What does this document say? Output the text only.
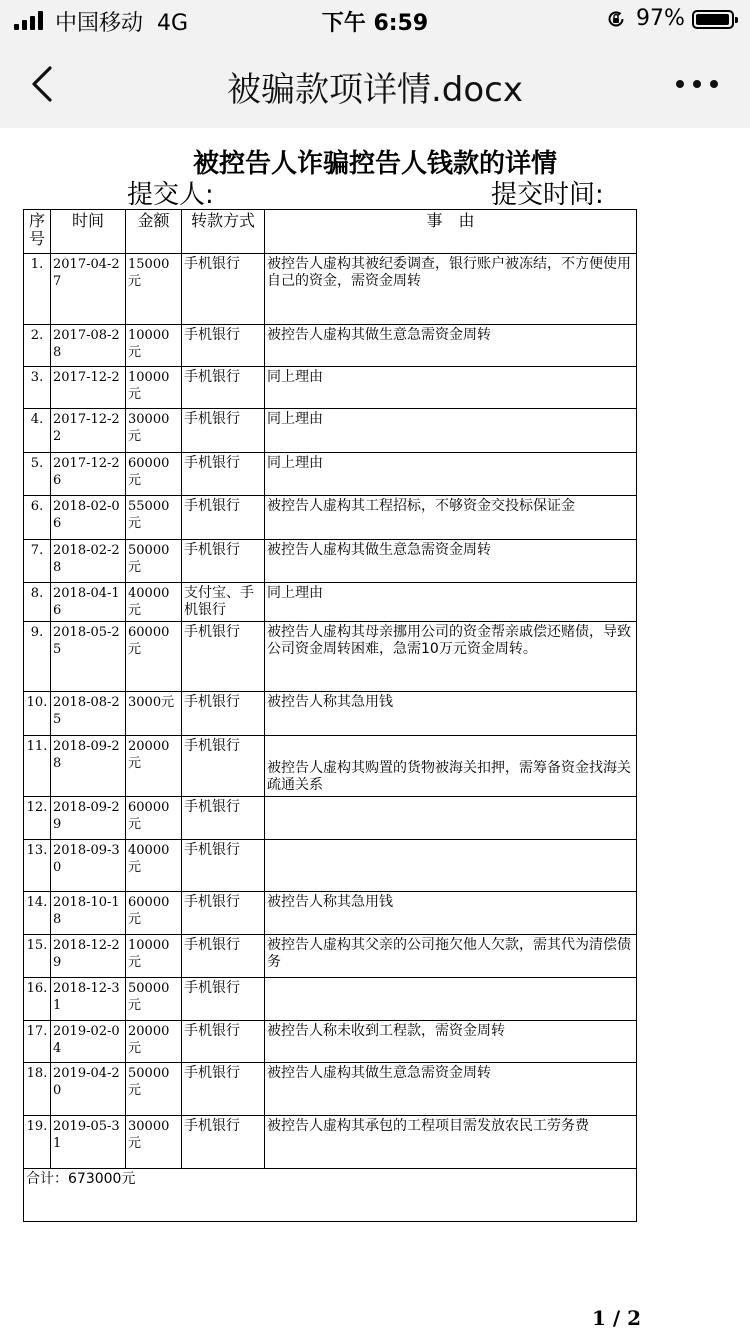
中国移动 4G	下午 6:59	97%
被骗款项详情.docx
被控告人诈骗控告人钱款的详情
提交人:	提交时间:
序号	时间	金额	转款方式	事　由
1.	2017-04-27	15000元	手机银行	被控告人虚构其被纪委调查，银行账户被冻结，不方便使用自己的资金，需资金周转
2.	2017-08-28	10000元	手机银行	被控告人虚构其做生意急需资金周转
3.	2017-12-2	10000元	手机银行	同上理由
4.	2017-12-22	30000元	手机银行	同上理由
5.	2017-12-26	60000元	手机银行	同上理由
6.	2018-02-06	55000元	手机银行	被控告人虚构其工程招标，不够资金交投标保证金
7.	2018-02-28	50000元	手机银行	被控告人虚构其做生意急需资金周转
8.	2018-04-16	40000元	支付宝、手机银行	同上理由
9.	2018-05-25	60000元	手机银行	被控告人虚构其母亲挪用公司的资金帮亲戚偿还赌债，导致公司资金周转困难，急需10万元资金周转。
10.	2018-08-25	3000元	手机银行	被控告人称其急用钱
11.	2018-09-28	20000元	手机银行	被控告人虚构其购置的货物被海关扣押，需筹备资金找海关疏通关系
12.	2018-09-29	60000元	手机银行	
13.	2018-09-30	40000元	手机银行	
14.	2018-10-18	60000元	手机银行	被控告人称其急用钱
15.	2018-12-29	10000元	手机银行	被控告人虚构其父亲的公司拖欠他人欠款，需其代为清偿债务
16.	2018-12-31	50000元	手机银行	
17.	2019-02-04	20000元	手机银行	被控告人称未收到工程款，需资金周转
18.	2019-04-20	50000元	手机银行	被控告人虚构其做生意急需资金周转
19.	2019-05-31	30000元	手机银行	被控告人虚构其承包的工程项目需发放农民工劳务费
合计：673000元				
1 / 2
